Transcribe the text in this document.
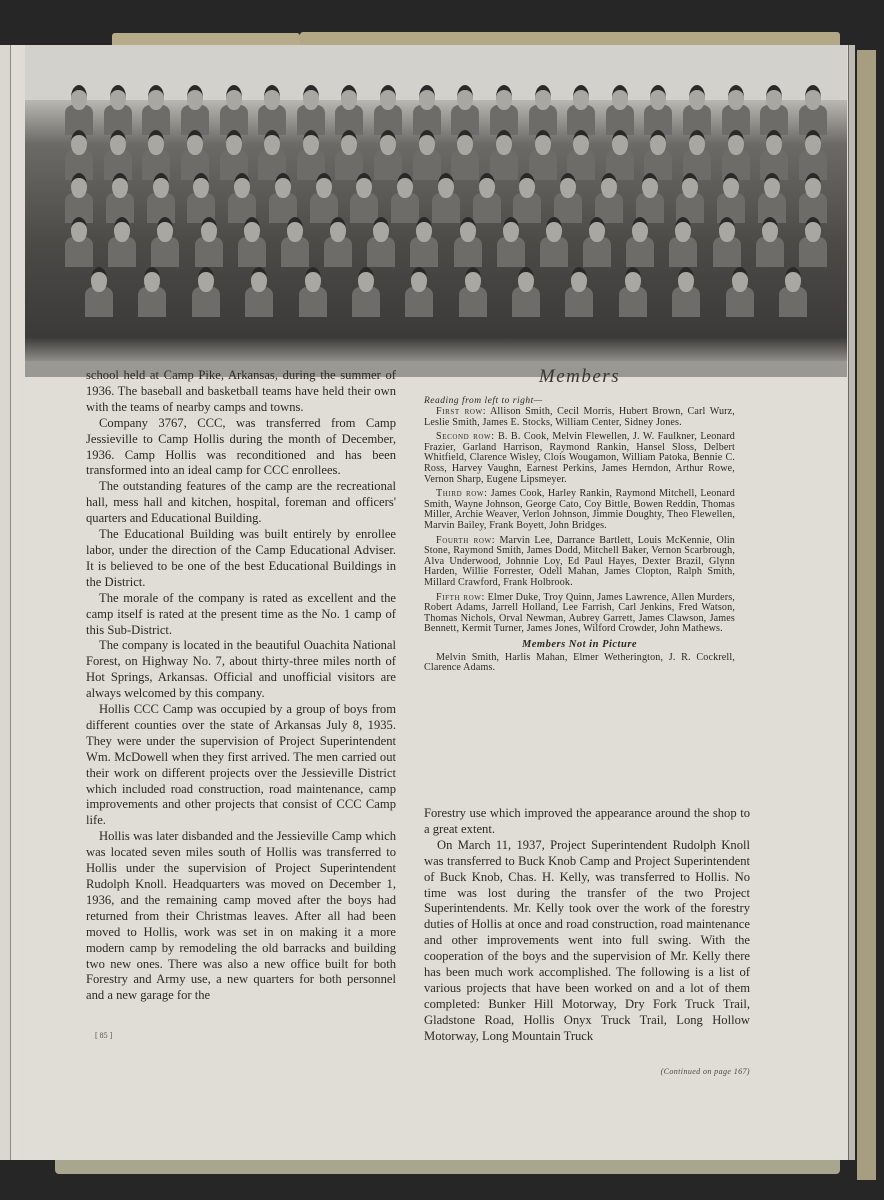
school held at Camp Pike, Arkansas, during the summer of 1936. The baseball and basketball teams have held their own with the teams of nearby camps and towns.

Company 3767, CCC, was transferred from Camp Jessieville to Camp Hollis during the month of December, 1936. Camp Hollis was reconditioned and has been transformed into an ideal camp for CCC enrollees.

The outstanding features of the camp are the recreational hall, mess hall and kitchen, hospital, foreman and officers' quarters and Educational Building.

The Educational Building was built entirely by enrollee labor, under the direction of the Camp Educational Adviser. It is believed to be one of the best Educational Buildings in the District.

The morale of the company is rated as excellent and the camp itself is rated at the present time as the No. 1 camp of this Sub-District.

The company is located in the beautiful Ouachita National Forest, on Highway No. 7, about thirty-three miles north of Hot Springs, Arkansas. Official and unofficial visitors are always welcomed by this company.

Hollis CCC Camp was occupied by a group of boys from different counties over the state of Arkansas July 8, 1935. They were under the supervision of Project Superintendent Wm. McDowell when they first arrived. The men carried out their work on different projects over the Jessieville District which included road construction, road maintenance, camp improvements and other projects that consist of CCC Camp life.

Hollis was later disbanded and the Jessieville Camp which was located seven miles south of Hollis was transferred to Hollis under the supervision of Project Superintendent Rudolph Knoll. Headquarters was moved on December 1, 1936, and the remaining camp moved after the boys had returned from their Christmas leaves. After all had been moved to Hollis, work was set in on making it a more modern camp by remodeling the old barracks and building two new ones. There was also a new office built for both Forestry and Army use, a new quarters for both personnel and a new garage for the

[ 85 ]
Members
Reading from left to right—

First row: Allison Smith, Cecil Morris, Hubert Brown, Carl Wurz, Leslie Smith, James E. Stocks, William Center, Sidney Jones.

Second row: B. B. Cook, Melvin Flewellen, J. W. Faulkner, Leonard Frazier, Garland Harrison, Raymond Rankin, Hansel Sloss, Delbert Whitfield, Clarence Wisley, Clois Wougamon, William Patoka, Bennie C. Ross, Harvey Vaughn, Earnest Perkins, James Herndon, Arthur Rowe, Vernon Sharp, Eugene Lipsmeyer.

Third row: James Cook, Harley Rankin, Raymond Mitchell, Leonard Smith, Wayne Johnson, George Cato, Coy Bittle, Bowen Reddin, Thomas Miller, Archie Weaver, Verlon Johnson, Jimmie Doughty, Theo Flewellen, Marvin Bailey, Frank Boyett, John Bridges.

Fourth row: Marvin Lee, Darrance Bartlett, Louis McKennie, Olin Stone, Raymond Smith, James Dodd, Mitchell Baker, Vernon Scarbrough, Alva Underwood, Johnnie Loy, Ed Paul Hayes, Dexter Brazil, Glynn Harden, Willie Forrester, Odell Mahan, James Clopton, Ralph Smith, Millard Crawford, Frank Holbrook.

Fifth row: Elmer Duke, Troy Quinn, James Lawrence, Allen Murders, Robert Adams, Jarrell Holland, Lee Farrish, Carl Jenkins, Fred Watson, Thomas Nichols, Orval Newman, Aubrey Garrett, James Clawson, James Bennett, Kermit Turner, James Jones, Wilford Crowder, John Mathews.

Members Not in Picture

Melvin Smith, Harlis Mahan, Elmer Wetherington, J. R. Cockrell, Clarence Adams.

Forestry use which improved the appearance around the shop to a great extent.

On March 11, 1937, Project Superintendent Rudolph Knoll was transferred to Buck Knob Camp and Project Superintendent of Buck Knob, Chas. H. Kelly, was transferred to Hollis. No time was lost during the transfer of the two Project Superintendents. Mr. Kelly took over the work of the forestry duties of Hollis at once and road construction, road maintenance and other improvements went into full swing. With the cooperation of the boys and the supervision of Mr. Kelly there has been much work accomplished. The following is a list of various projects that have been worked on and a lot of them completed: Bunker Hill Motorway, Dry Fork Truck Trail, Gladstone Road, Hollis Onyx Truck Trail, Long Hollow Motorway, Long Mountain Truck

(Continued on page 167)
